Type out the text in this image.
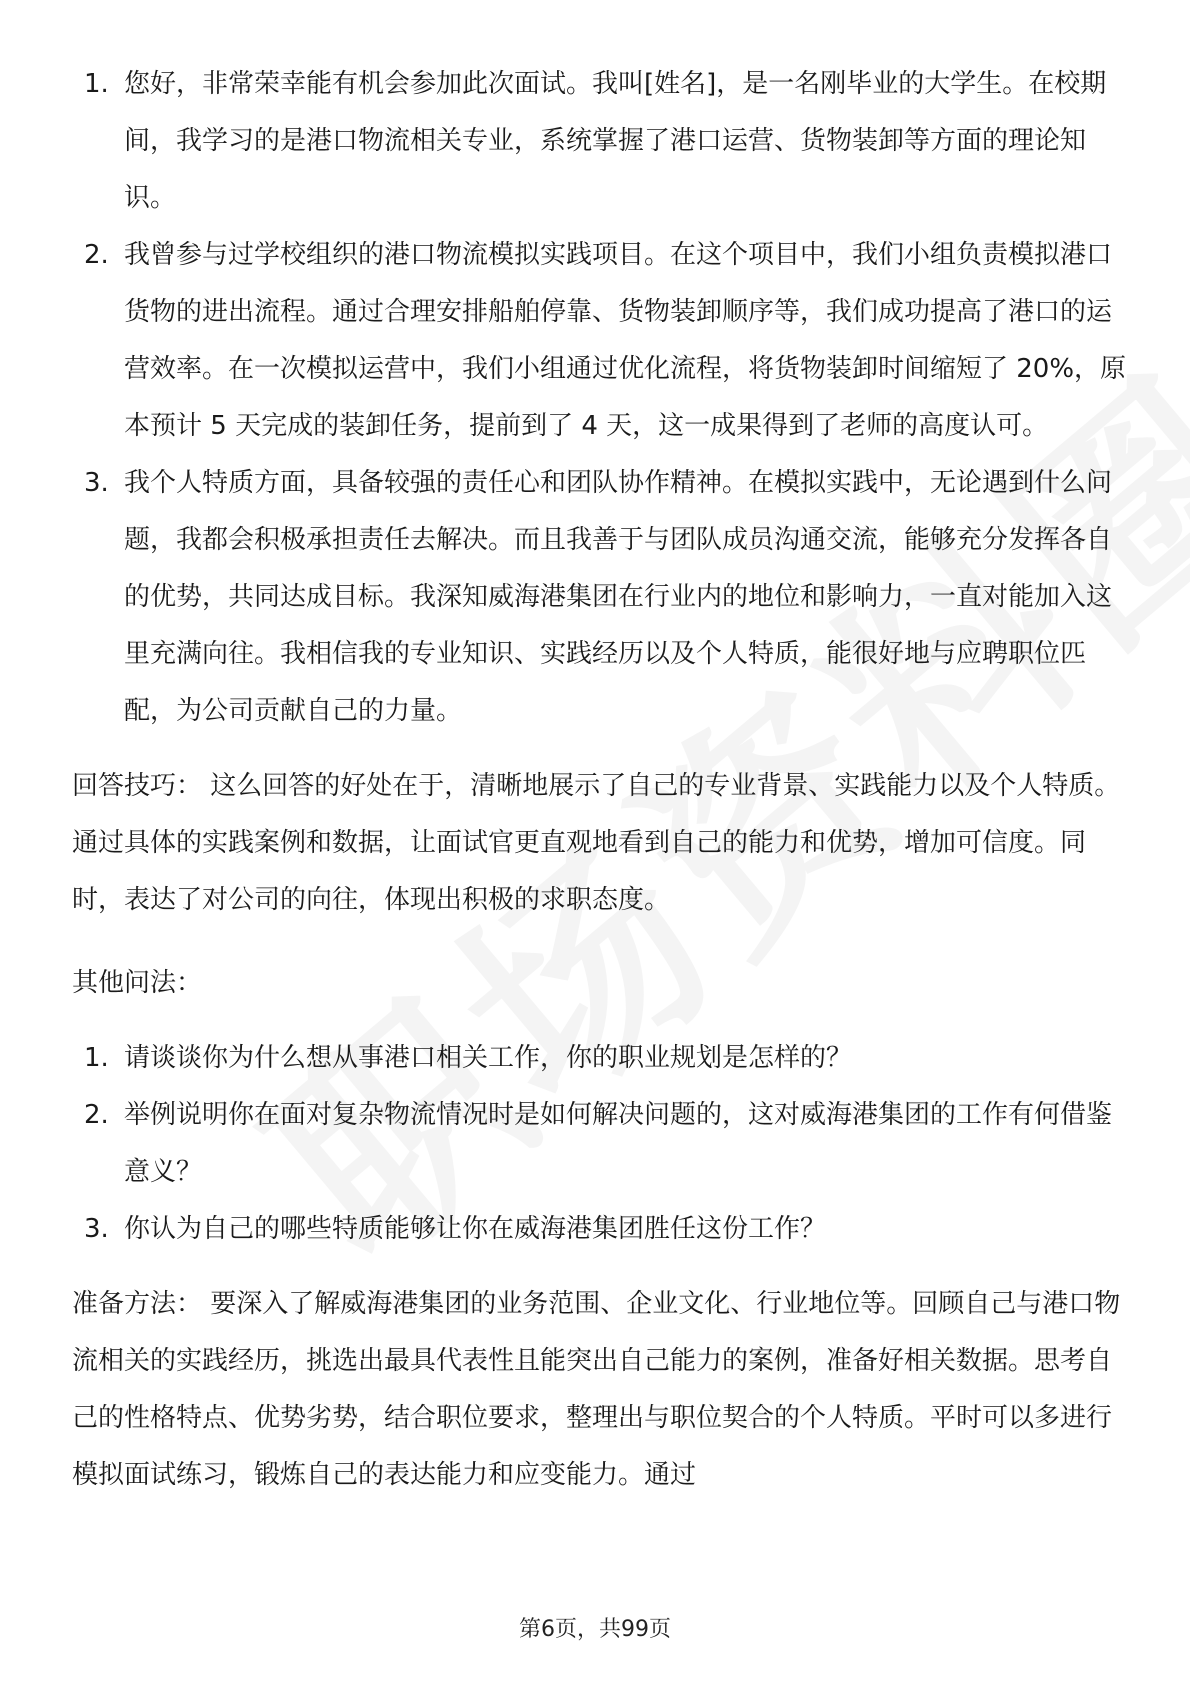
1. 您好，非常荣幸能有机会参加此次面试。我叫[姓名]，是一名刚毕业的大学生。在校期间，我学习的是港口物流相关专业，系统掌握了港口运营、货物装卸等方面的理论知识。
2. 我曾参与过学校组织的港口物流模拟实践项目。在这个项目中，我们小组负责模拟港口货物的进出流程。通过合理安排船舶停靠、货物装卸顺序等，我们成功提高了港口的运营效率。在一次模拟运营中，我们小组通过优化流程，将货物装卸时间缩短了 20%，原本预计 5 天完成的装卸任务，提前到了 4 天，这一成果得到了老师的高度认可。
3. 我个人特质方面，具备较强的责任心和团队协作精神。在模拟实践中，无论遇到什么问题，我都会积极承担责任去解决。而且我善于与团队成员沟通交流，能够充分发挥各自的优势，共同达成目标。我深知威海港集团在行业内的地位和影响力，一直对能加入这里充满向往。我相信我的专业知识、实践经历以及个人特质，能很好地与应聘职位匹配，为公司贡献自己的力量。

回答技巧： 这么回答的好处在于，清晰地展示了自己的专业背景、实践能力以及个人特质。通过具体的实践案例和数据，让面试官更直观地看到自己的能力和优势，增加可信度。同时，表达了对公司的向往，体现出积极的求职态度。

其他问法：

1. 请谈谈你为什么想从事港口相关工作，你的职业规划是怎样的？
2. 举例说明你在面对复杂物流情况时是如何解决问题的，这对威海港集团的工作有何借鉴意义？
3. 你认为自己的哪些特质能够让你在威海港集团胜任这份工作？

准备方法： 要深入了解威海港集团的业务范围、企业文化、行业地位等。回顾自己与港口物流相关的实践经历，挑选出最具代表性且能突出自己能力的案例，准备好相关数据。思考自己的性格特点、优势劣势，结合职位要求，整理出与职位契合的个人特质。平时可以多进行模拟面试练习，锻炼自己的表达能力和应变能力。通过

第6页，共99页
